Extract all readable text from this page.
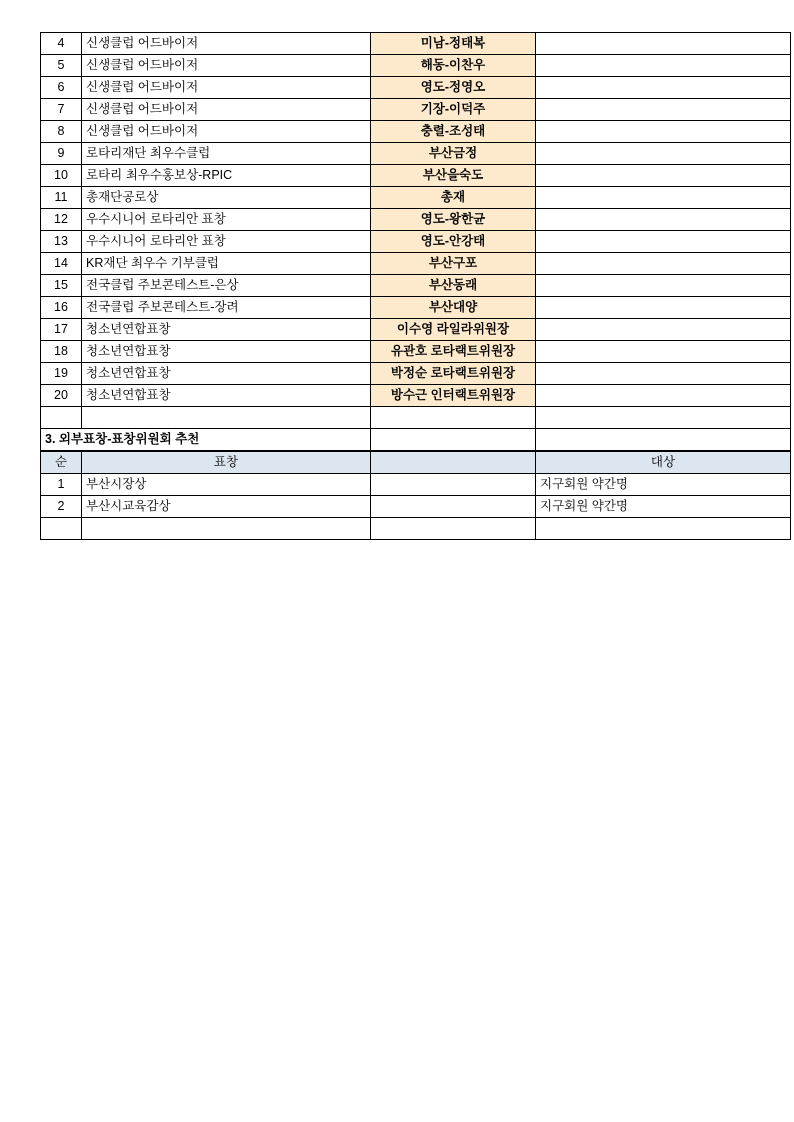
4	신생클럽 어드바이저	미남-정태복	
5	신생클럽 어드바이저	해동-이찬우	
6	신생클럽 어드바이저	영도-정영오	
7	신생클럽 어드바이저	기장-이덕주	
8	신생클럽 어드바이저	충렬-조성태	
9	로타리재단 최우수클럽	부산금정	
10	로타리 최우수홍보상-RPIC	부산을숙도	
11	총재단공로상	총재	
12	우수시니어 로타리안 표창	영도-왕한균	
13	우수시니어 로타리안 표창	영도-안강태	
14	KR재단 최우수 기부클럽	부산구포	
15	전국클럽 주보콘테스트-은상	부산동래	
16	전국클럽 주보콘테스트-장려	부산대양	
17	청소년연합표창	이수영 라일라위원장	
18	청소년연합표창	유관호 로타랙트위원장	
19	청소년연합표창	박정순 로타랙트위원장	
20	청소년연합표창	방수근 인터랙트위원장	

3. 외부표창-표창위원회 추천			
순	표창		대상
1	부산시장상		지구회원 약간명
2	부산시교육감상		지구회원 약간명
